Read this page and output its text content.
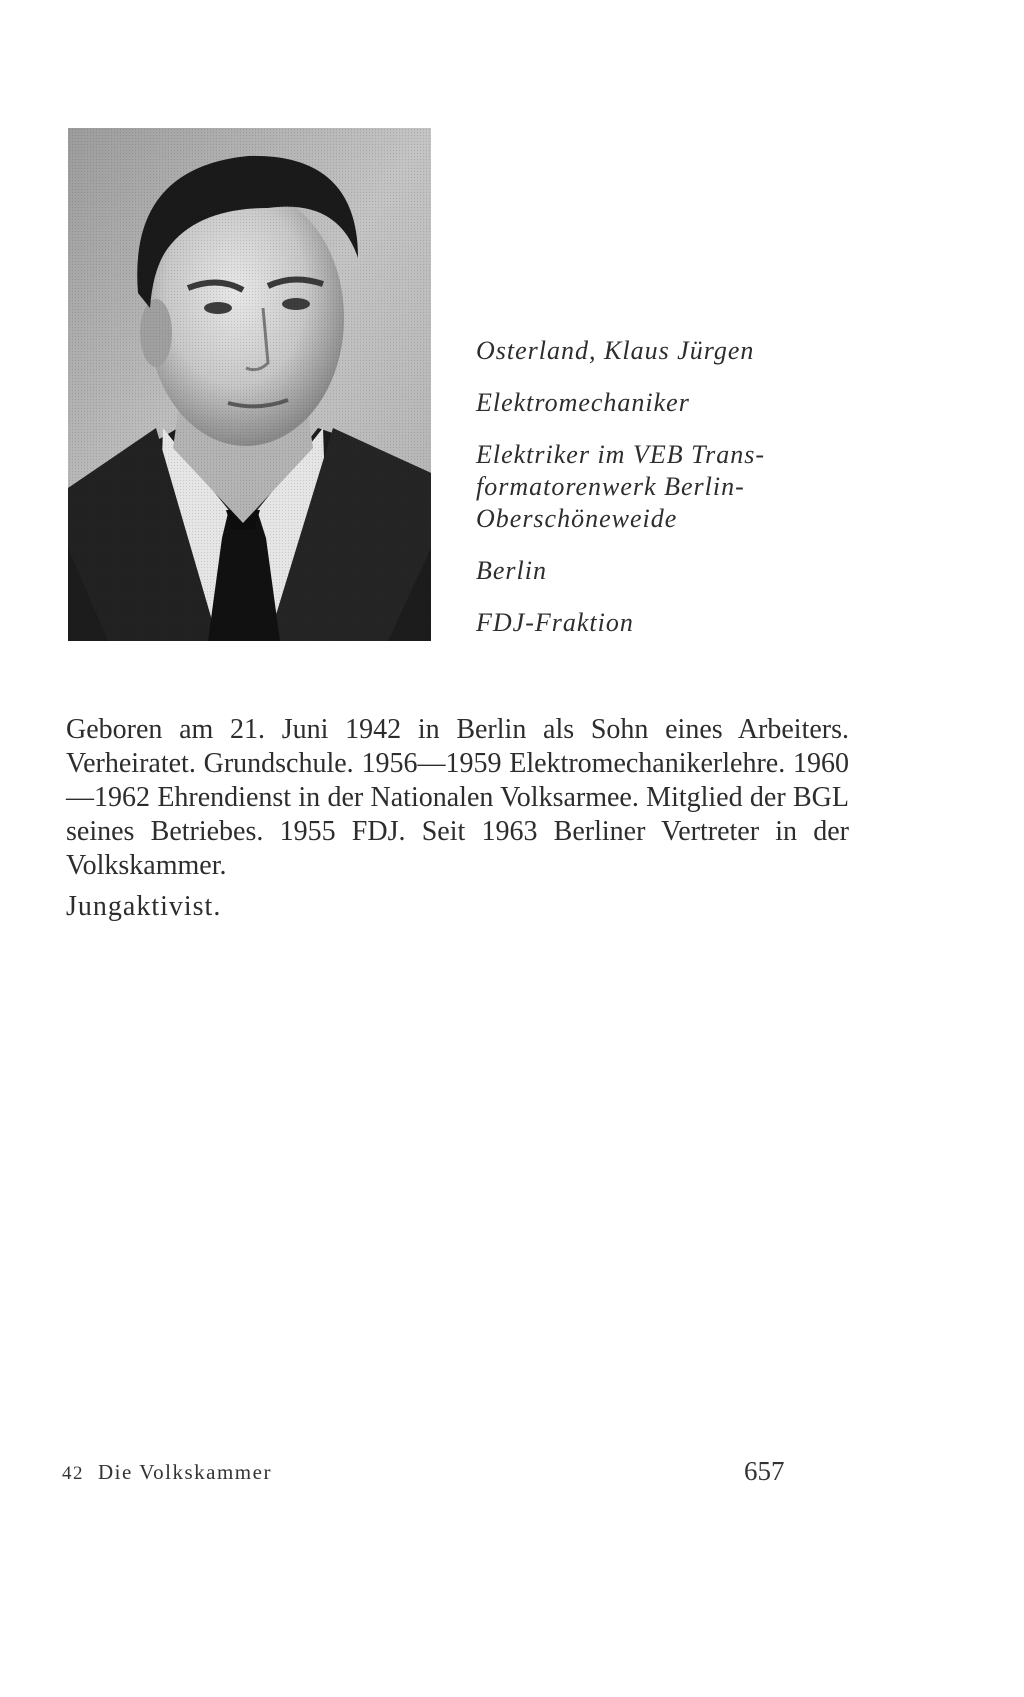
Osterland, Klaus Jürgen
Elektromechaniker
Elektriker im VEB Trans-
formatorenwerk Berlin-
Oberschöneweide
Berlin
FDJ-Fraktion

Geboren am 21. Juni 1942 in Berlin als Sohn eines Arbeiters. Verheiratet. Grundschule. 1956—1959 Elektromechanikerlehre. 1960—1962 Ehrendienst in der Nationalen Volksarmee. Mitglied der BGL seines Betriebes. 1955 FDJ. Seit 1963 Berliner Vertreter in der Volkskammer.

Jungaktivist.
42 Die Volkskammer	657
